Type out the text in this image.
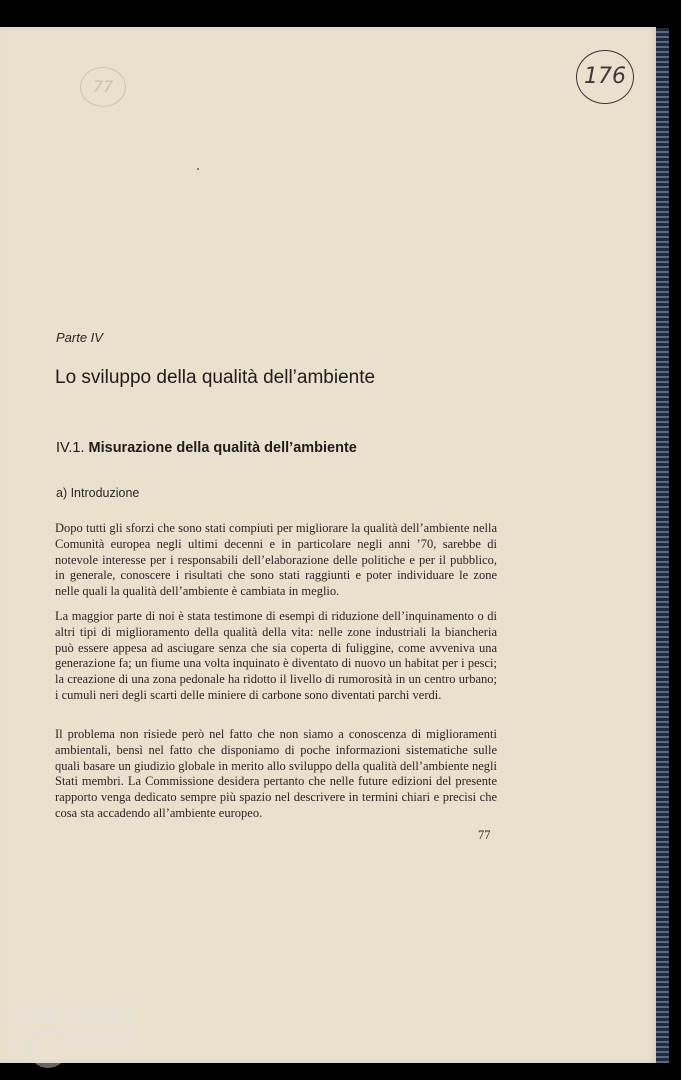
77	176
Parte IV
Lo sviluppo della qualità dell’ambiente
IV.1. Misurazione della qualità dell’ambiente
a) Introduzione
Dopo tutti gli sforzi che sono stati compiuti per migliorare la qualità dell’ambiente nella Comunità europea negli ultimi decenni e in particolare negli anni ’70, sarebbe di notevole interesse per i responsabili dell’elaborazione delle politiche e per il pubblico, in generale, conoscere i risultati che sono stati raggiunti e poter individuare le zone nelle quali la qualità dell’ambiente è cambiata in meglio.
La maggior parte di noi è stata testimone di esempi di riduzione dell’inquinamento o di altri tipi di miglioramento della qualità della vita: nelle zone industriali la biancheria può essere appesa ad asciugare senza che sia coperta di fuliggine, come avveniva una generazione fa; un fiume una volta inquinato è diventato di nuovo un habitat per i pesci; la creazione di una zona pedonale ha ridotto il livello di rumorosità in un centro urbano; i cumuli neri degli scarti delle miniere di carbone sono diventati parchi verdi.
Il problema non risiede però nel fatto che non siamo a conoscenza di miglioramenti ambientali, bensì nel fatto che disponiamo di poche informazioni sistematiche sulle quali basare un giudizio globale in merito allo sviluppo della qualità dell’ambiente negli Stati membri. La Commissione desidera pertanto che nelle future edizioni del presente rapporto venga dedicato sempre più spazio nel descrivere in termini chiari e precisi che cosa sta accadendo all’ambiente europeo.
77
FONDAZIONE
RAMSCI
